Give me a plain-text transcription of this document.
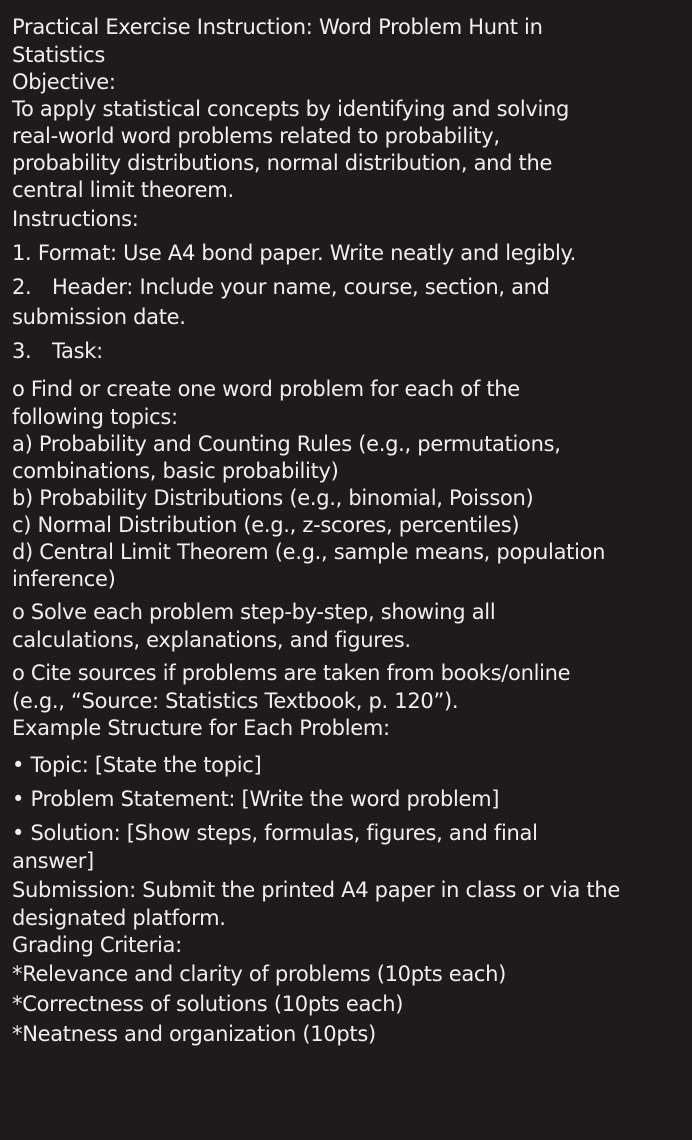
Practical Exercise Instruction: Word Problem Hunt in
Statistics
Objective:
To apply statistical concepts by identifying and solving
real-world word problems related to probability,
probability distributions, normal distribution, and the
central limit theorem.
Instructions:
1. Format: Use A4 bond paper. Write neatly and legibly.
2. Header: Include your name, course, section, and
submission date.
3. Task:
o Find or create one word problem for each of the
following topics:
a) Probability and Counting Rules (e.g., permutations,
combinations, basic probability)
b) Probability Distributions (e.g., binomial, Poisson)
c) Normal Distribution (e.g., z-scores, percentiles)
d) Central Limit Theorem (e.g., sample means, population
inference)
o Solve each problem step-by-step, showing all
calculations, explanations, and figures.
o Cite sources if problems are taken from books/online
(e.g., “Source: Statistics Textbook, p. 120”).
Example Structure for Each Problem:
• Topic: [State the topic]
• Problem Statement: [Write the word problem]
• Solution: [Show steps, formulas, figures, and final
answer]
Submission: Submit the printed A4 paper in class or via the
designated platform.
Grading Criteria:
*Relevance and clarity of problems (10pts each)
*Correctness of solutions (10pts each)
*Neatness and organization (10pts)
